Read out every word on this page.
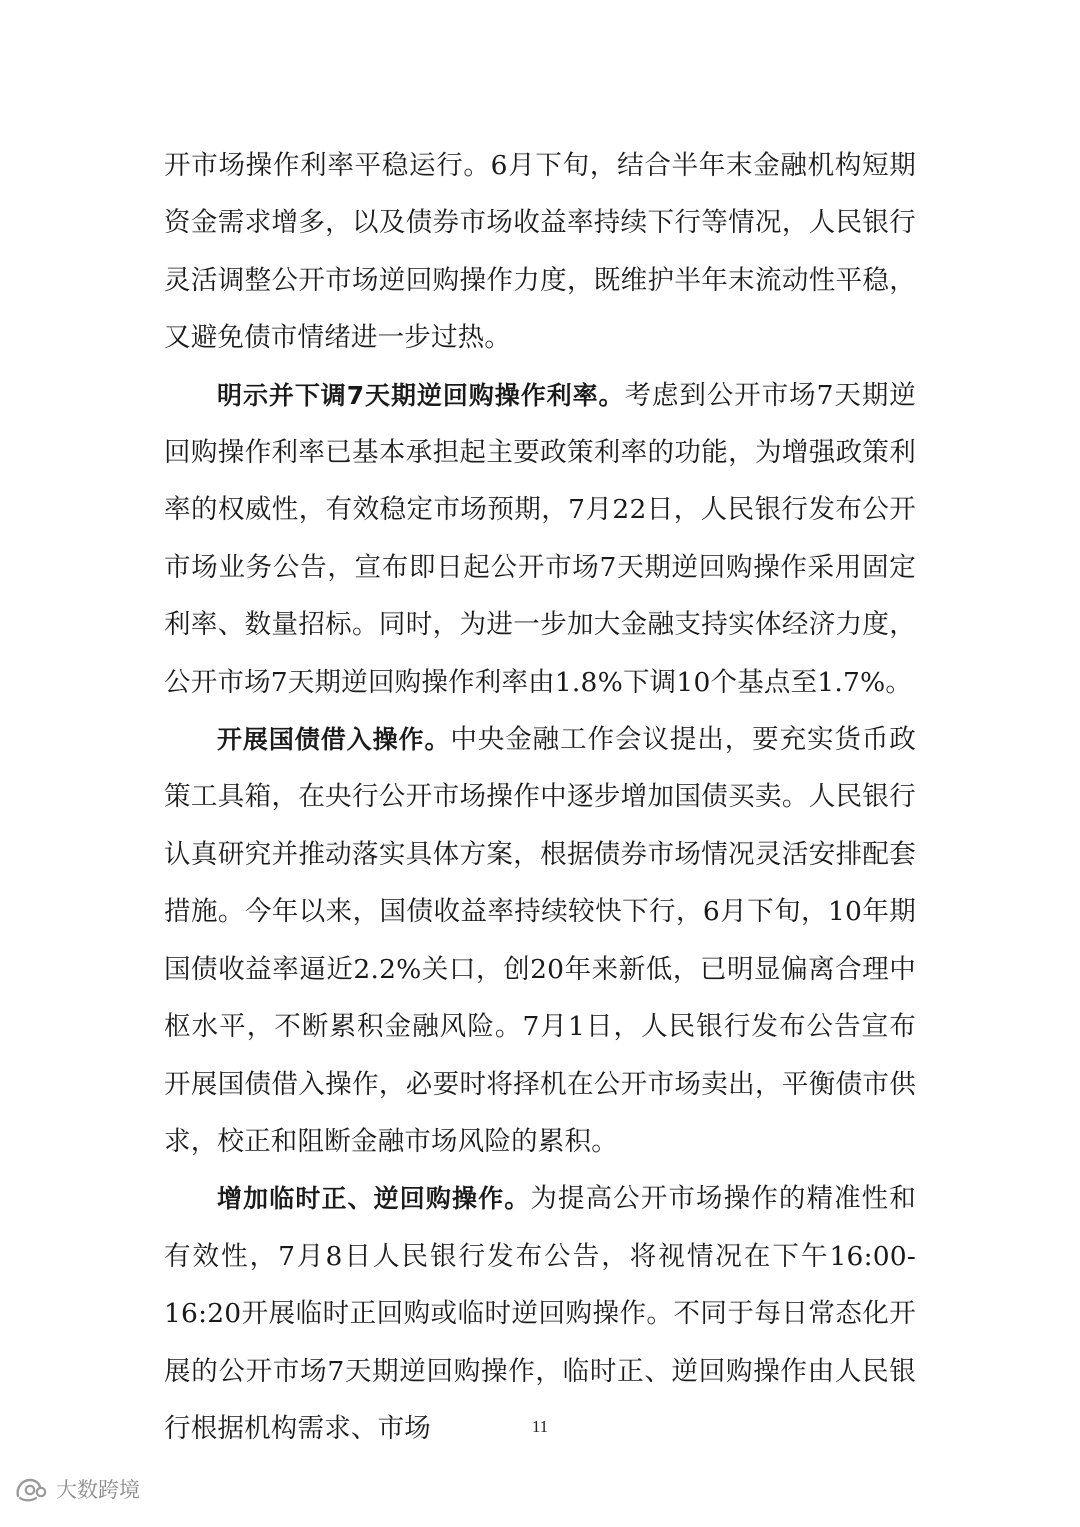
开市场操作利率平稳运行。6月下旬，结合半年末金融机构短期资金需求增多，以及债券市场收益率持续下行等情况，人民银行灵活调整公开市场逆回购操作力度，既维护半年末流动性平稳，又避免债市情绪进一步过热。

明示并下调7天期逆回购操作利率。考虑到公开市场7天期逆回购操作利率已基本承担起主要政策利率的功能，为增强政策利率的权威性，有效稳定市场预期，7月22日，人民银行发布公开市场业务公告，宣布即日起公开市场7天期逆回购操作采用固定利率、数量招标。同时，为进一步加大金融支持实体经济力度，公开市场7天期逆回购操作利率由1.8%下调10个基点至1.7%。

开展国债借入操作。中央金融工作会议提出，要充实货币政策工具箱，在央行公开市场操作中逐步增加国债买卖。人民银行认真研究并推动落实具体方案，根据债券市场情况灵活安排配套措施。今年以来，国债收益率持续较快下行，6月下旬，10年期国债收益率逼近2.2%关口，创20年来新低，已明显偏离合理中枢水平，不断累积金融风险。7月1日，人民银行发布公告宣布开展国债借入操作，必要时将择机在公开市场卖出，平衡债市供求，校正和阻断金融市场风险的累积。

增加临时正、逆回购操作。为提高公开市场操作的精准性和有效性，7月8日人民银行发布公告，将视情况在下午16:00-16:20开展临时正回购或临时逆回购操作。不同于每日常态化开展的公开市场7天期逆回购操作，临时正、逆回购操作由人民银行根据机构需求、市场	11
大数跨境
